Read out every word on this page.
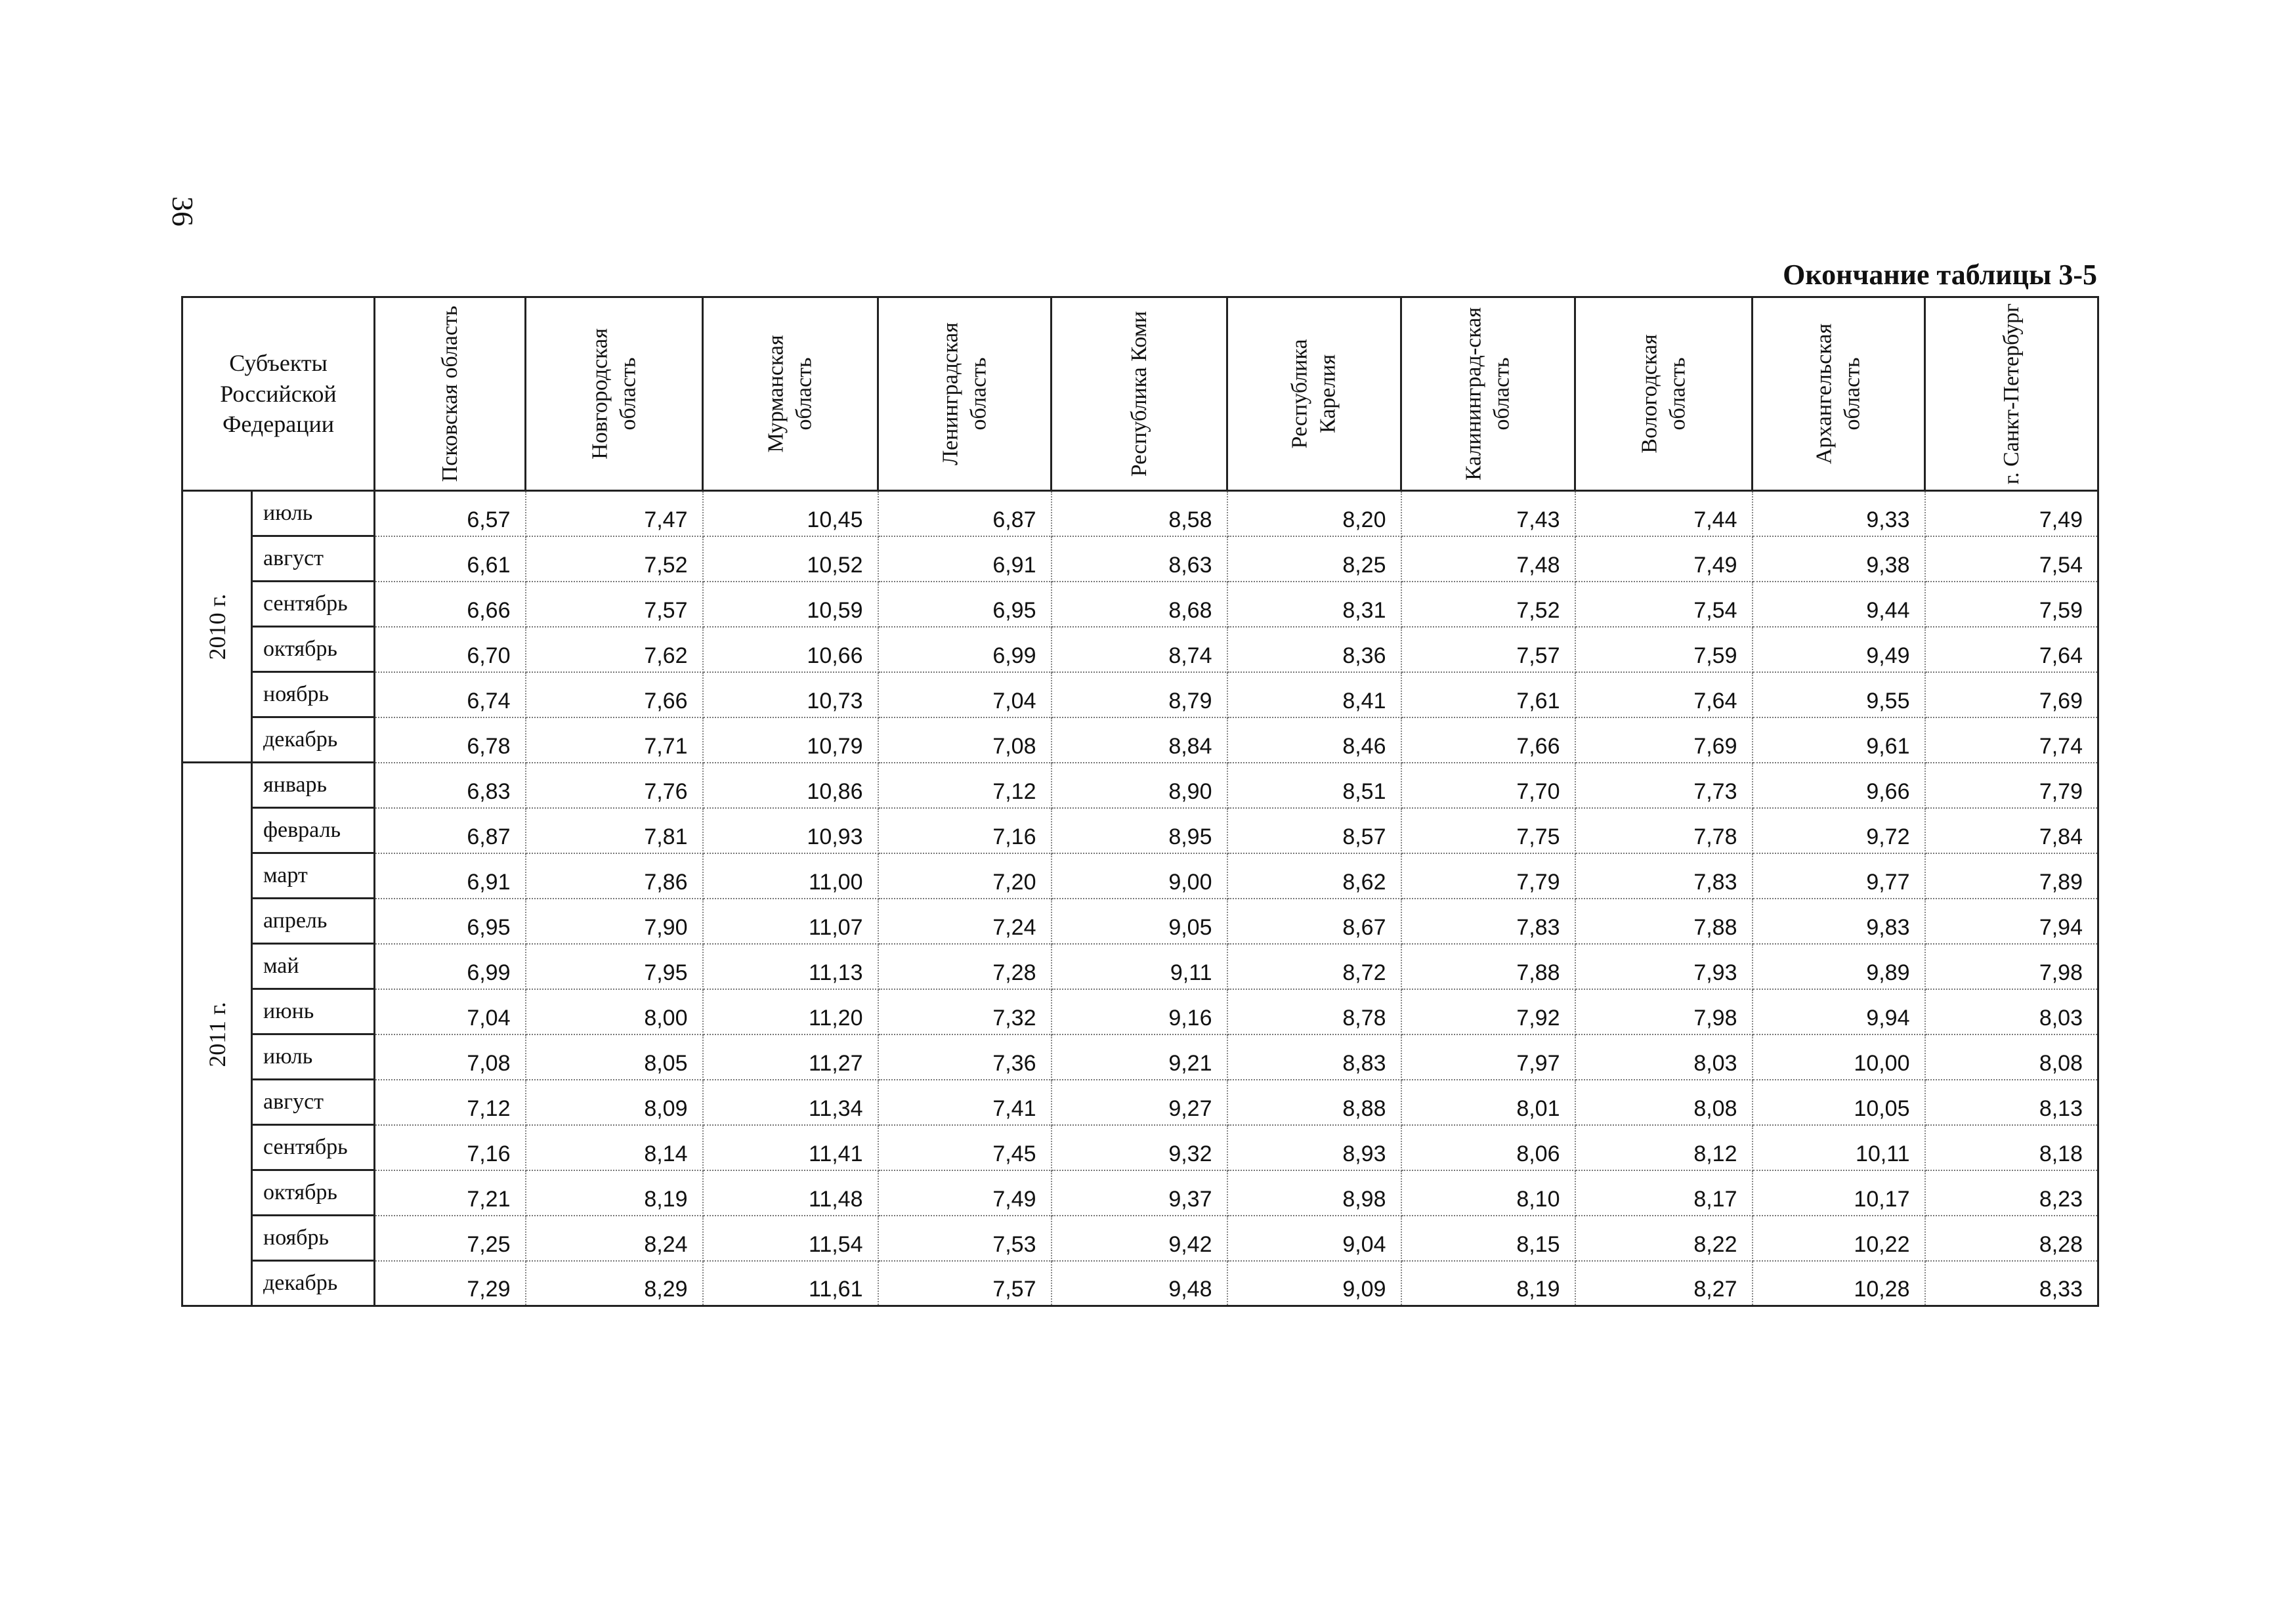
36
Окончание таблицы 3-5
Субъекты Российской Федерации		Псковская область	Новгородская область	Мурманская область	Ленинградская область	Республика Коми	Республика Карелия	Калининград-ская область	Вологодская область	Архангельская область	г. Санкт-Петербург

2010 г.	июль	6,57	7,47	10,45	6,87	8,58	8,20	7,43	7,44	9,33	7,49
	август	6,61	7,52	10,52	6,91	8,63	8,25	7,48	7,49	9,38	7,54
	сентябрь	6,66	7,57	10,59	6,95	8,68	8,31	7,52	7,54	9,44	7,59
	октябрь	6,70	7,62	10,66	6,99	8,74	8,36	7,57	7,59	9,49	7,64
	ноябрь	6,74	7,66	10,73	7,04	8,79	8,41	7,61	7,64	9,55	7,69
	декабрь	6,78	7,71	10,79	7,08	8,84	8,46	7,66	7,69	9,61	7,74

2011 г.	январь	6,83	7,76	10,86	7,12	8,90	8,51	7,70	7,73	9,66	7,79
	февраль	6,87	7,81	10,93	7,16	8,95	8,57	7,75	7,78	9,72	7,84
	март	6,91	7,86	11,00	7,20	9,00	8,62	7,79	7,83	9,77	7,89
	апрель	6,95	7,90	11,07	7,24	9,05	8,67	7,83	7,88	9,83	7,94
	май	6,99	7,95	11,13	7,28	9,11	8,72	7,88	7,93	9,89	7,98
	июнь	7,04	8,00	11,20	7,32	9,16	8,78	7,92	7,98	9,94	8,03
	июль	7,08	8,05	11,27	7,36	9,21	8,83	7,97	8,03	10,00	8,08
	август	7,12	8,09	11,34	7,41	9,27	8,88	8,01	8,08	10,05	8,13
	сентябрь	7,16	8,14	11,41	7,45	9,32	8,93	8,06	8,12	10,11	8,18
	октябрь	7,21	8,19	11,48	7,49	9,37	8,98	8,10	8,17	10,17	8,23
	ноябрь	7,25	8,24	11,54	7,53	9,42	9,04	8,15	8,22	10,22	8,28
	декабрь	7,29	8,29	11,61	7,57	9,48	9,09	8,19	8,27	10,28	8,33
